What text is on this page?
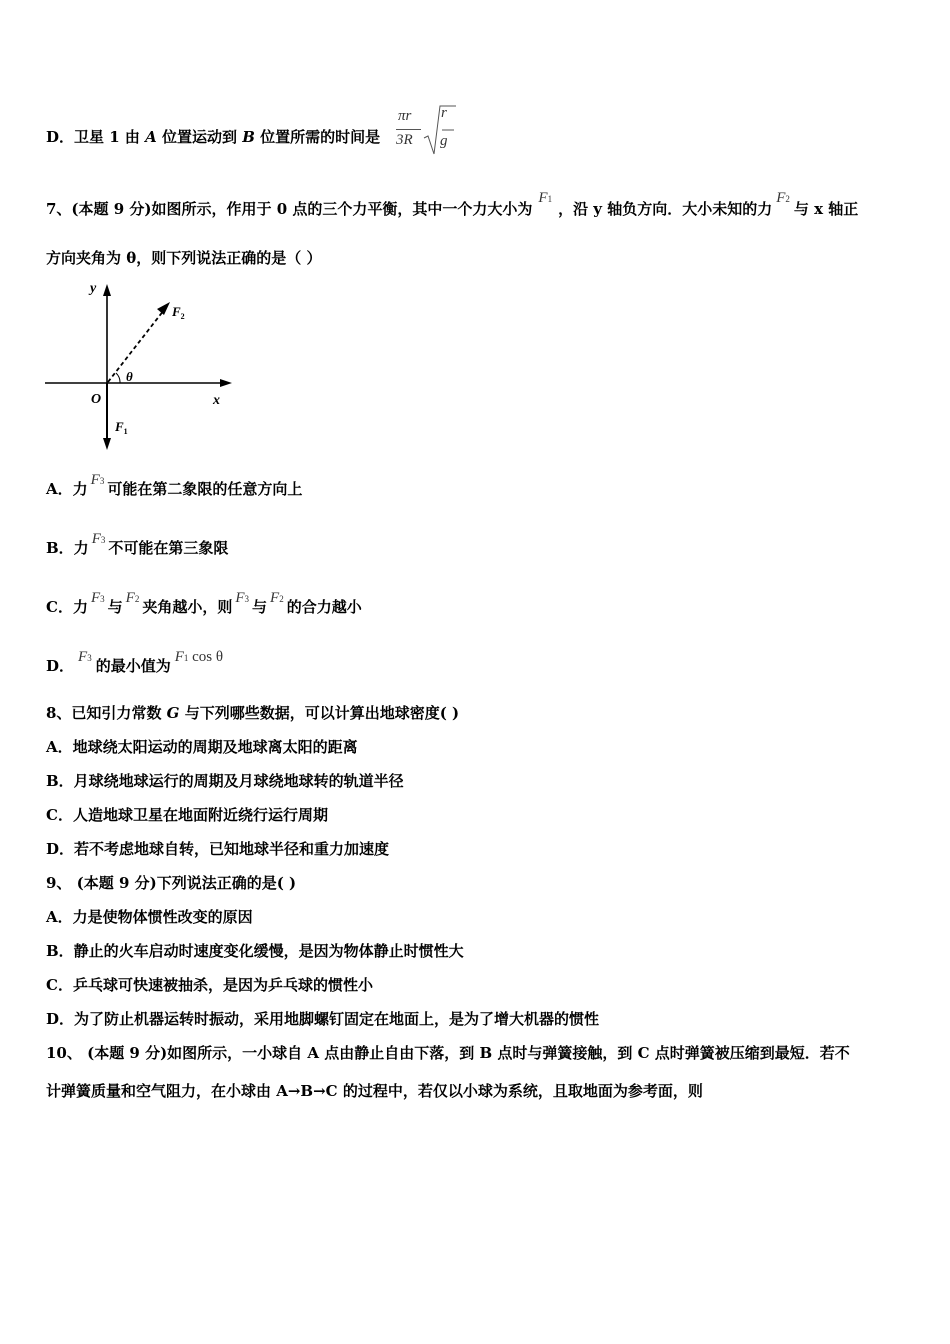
D．卫星 1 由 A 位置运动到 B 位置所需的时间是
πr
3R
r
g
7、(本题 9 分)如图所示，作用于 0 点的三个力平衡，其中一个力大小为F1，沿 y 轴负方向．大小未知的力F2与 x 轴正
方向夹角为 θ，则下列说法正确的是（ ）
y
x
O
θ
$F_2$
$F_1$
A．力 F3 可能在第二象限的任意方向上
B．力 F3 不可能在第三象限
C．力 F3 与 F2 夹角越小，则 F3 与 F2 的合力越小
D． F3 的最小值为 F1 cos θ
8、已知引力常数 G 与下列哪些数据，可以计算出地球密度( )
A．地球绕太阳运动的周期及地球离太阳的距离
B．月球绕地球运行的周期及月球绕地球转的轨道半径
C．人造地球卫星在地面附近绕行运行周期
D．若不考虑地球自转，已知地球半径和重力加速度
9、 (本题 9 分)下列说法正确的是( )
A．力是使物体惯性改变的原因
B．静止的火车启动时速度变化缓慢，是因为物体静止时惯性大
C．乒乓球可快速被抽杀，是因为乒乓球的惯性小
D．为了防止机器运转时振动，采用地脚螺钉固定在地面上，是为了增大机器的惯性
10、 (本题 9 分)如图所示，一小球自 A 点由静止自由下落，到 B 点时与弹簧接触，到 C 点时弹簧被压缩到最短．若不
计弹簧质量和空气阻力，在小球由 A→B→C 的过程中，若仅以小球为系统，且取地面为参考面，则
